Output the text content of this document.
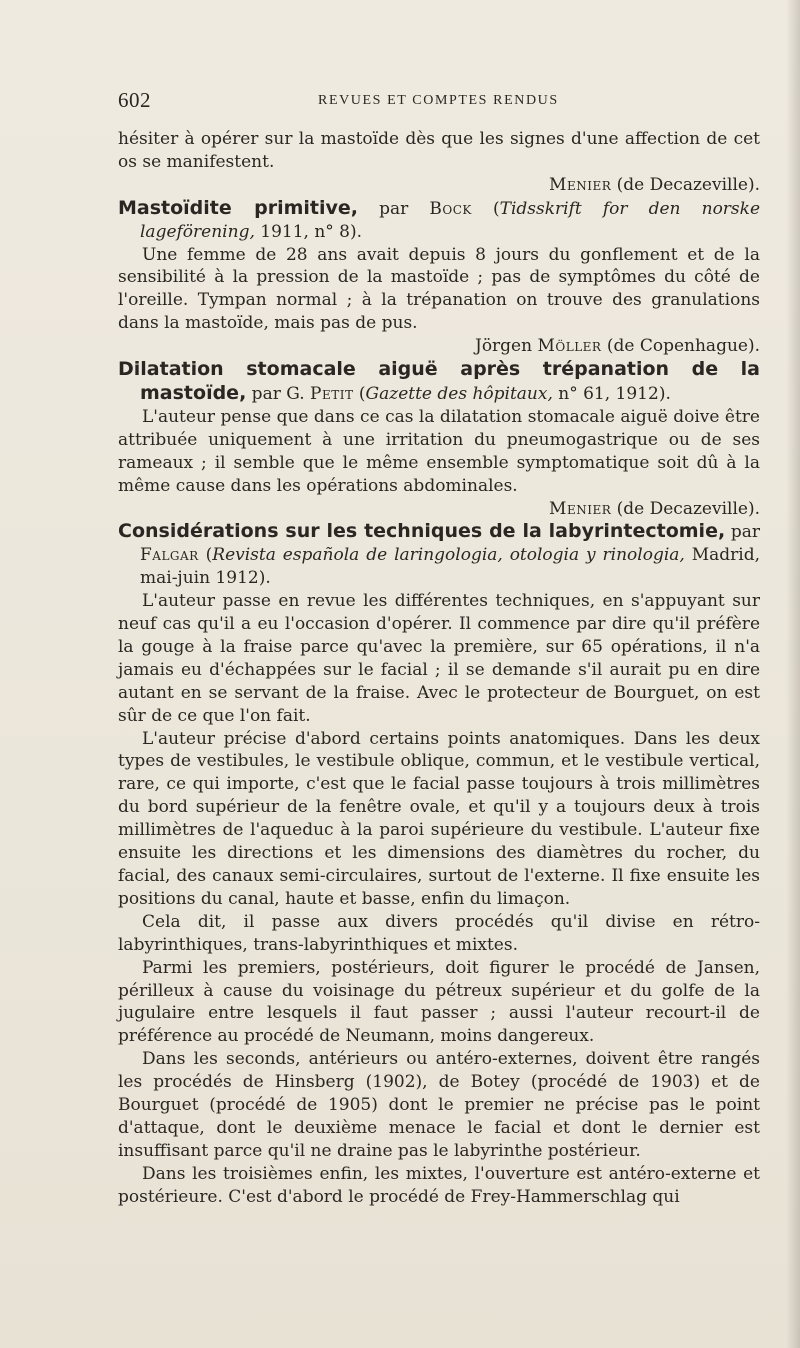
602	REVUES ET COMPTES RENDUS

hésiter à opérer sur la mastoïde dès que les signes d'une affection de cet os se manifestent.

Menier (de Decazeville).

Mastoïdite primitive, par Bock (Tidsskrift for den norske lageförening, 1911, n° 8).

Une femme de 28 ans avait depuis 8 jours du gonflement et de la sensibilité à la pression de la mastoïde ; pas de symptômes du côté de l'oreille. Tympan normal ; à la trépanation on trouve des granulations dans la mastoïde, mais pas de pus.

Jörgen Möller (de Copenhague).

Dilatation stomacale aiguë après trépanation de la mastoïde, par G. Petit (Gazette des hôpitaux, n° 61, 1912).

L'auteur pense que dans ce cas la dilatation stomacale aiguë doive être attribuée uniquement à une irritation du pneumogastrique ou de ses rameaux ; il semble que le même ensemble symptomatique soit dû à la même cause dans les opérations abdominales.

Menier (de Decazeville).

Considérations sur les techniques de la labyrintectomie, par Falgar (Revista española de laringologia, otologia y rinologia, Madrid, mai-juin 1912).

L'auteur passe en revue les différentes techniques, en s'appuyant sur neuf cas qu'il a eu l'occasion d'opérer. Il commence par dire qu'il préfère la gouge à la fraise parce qu'avec la première, sur 65 opérations, il n'a jamais eu d'échappées sur le facial ; il se demande s'il aurait pu en dire autant en se servant de la fraise. Avec le protecteur de Bourguet, on est sûr de ce que l'on fait.

L'auteur précise d'abord certains points anatomiques. Dans les deux types de vestibules, le vestibule oblique, commun, et le vestibule vertical, rare, ce qui importe, c'est que le facial passe toujours à trois millimètres du bord supérieur de la fenêtre ovale, et qu'il y a toujours deux à trois millimètres de l'aqueduc à la paroi supérieure du vestibule. L'auteur fixe ensuite les directions et les dimensions des diamètres du rocher, du facial, des canaux semi-circulaires, surtout de l'externe. Il fixe ensuite les positions du canal, haute et basse, enfin du limaçon.

Cela dit, il passe aux divers procédés qu'il divise en rétro-labyrinthiques, trans-labyrinthiques et mixtes.

Parmi les premiers, postérieurs, doit figurer le procédé de Jansen, périlleux à cause du voisinage du pétreux supérieur et du golfe de la jugulaire entre lesquels il faut passer ; aussi l'auteur recourt-il de préférence au procédé de Neumann, moins dangereux.

Dans les seconds, antérieurs ou antéro-externes, doivent être rangés les procédés de Hinsberg (1902), de Botey (procédé de 1903) et de Bourguet (procédé de 1905) dont le premier ne précise pas le point d'attaque, dont le deuxième menace le facial et dont le dernier est insuffisant parce qu'il ne draine pas le labyrinthe postérieur.

Dans les troisièmes enfin, les mixtes, l'ouverture est antéro-externe et postérieure. C'est d'abord le procédé de Frey-Hammerschlag qui
